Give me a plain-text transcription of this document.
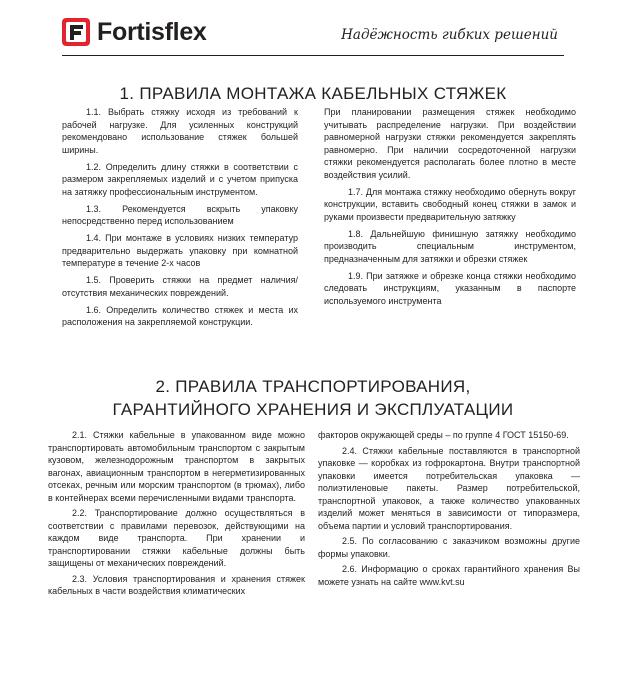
Fortisflex	Надёжность гибких решений
1. ПРАВИЛА МОНТАЖА КАБЕЛЬНЫХ СТЯЖЕК

1.1. Выбрать стяжку исходя из требований к рабочей нагрузке. Для усиленных конструкций рекомендовано использование стяжек большей ширины.

1.2. Определить длину стяжки в соответствии с размером закрепляемых изделий и с учетом припуска на затяжку профессиональным инструментом.

1.3. Рекомендуется вскрыть упаковку непосредственно перед использованием

1.4. При монтаже в условиях низких температур предварительно выдержать упаковку при комнатной температуре в течение 2-х часов

1.5. Проверить стяжки на предмет наличия/отсутствия механических повреждений.

1.6. Определить количество стяжек и места их расположения на закрепляемой конструкции.

При планировании размещения стяжек необходимо учитывать распределение нагрузки. При воздействии равномерной нагрузки стяжки рекомендуется закреплять равномерно. При наличии сосредоточенной нагрузки стяжки рекомендуется располагать более плотно в месте воздействия усилий.

1.7. Для монтажа стяжку необходимо обернуть вокруг конструкции, вставить свободный конец стяжки в замок и руками произвести предварительную затяжку

1.8. Дальнейшую финишную затяжку необходимо производить специальным инструментом, предназначенным для затяжки и обрезки стяжек

1.9. При затяжке и обрезке конца стяжки необходимо следовать инструкциям, указанным в паспорте используемого инструмента

2. ПРАВИЛА ТРАНСПОРТИРОВАНИЯ,
ГАРАНТИЙНОГО ХРАНЕНИЯ И ЭКСПЛУАТАЦИИ

2.1. Стяжки кабельные в упакованном виде можно транспортировать автомобильным транспортом с закрытым кузовом, железнодорожным транспортом в закрытых вагонах, авиационным транспортом в негерметизированных отсеках, речным или морским транспортом (в трюмах), либо в контейнерах всеми перечисленными видами транспорта.

2.2. Транспортирование должно осуществляться в соответствии с правилами перевозок, действующими на каждом виде транспорта. При хранении и транспортировании стяжки кабельные должны быть защищены от механических повреждений.

2.3. Условия транспортирования и хранения стяжек кабельных в части воздействия климатических

факторов окружающей среды – по группе 4 ГОСТ 15150-69.

2.4. Стяжки кабельные поставляются в транспортной упаковке — коробках из гофрокартона. Внутри транспортной упаковки имеется потребительская упаковка — полиэтиленовые пакеты. Размер потребительской, транспортной упаковок, а также количество упакованных изделий может меняться в зависимости от типоразмера, объема партии и условий транспортирования.

2.5. По согласованию с заказчиком возможны другие формы упаковки.

2.6. Информацию о сроках гарантийного хранения Вы можете узнать на сайте www.kvt.su
